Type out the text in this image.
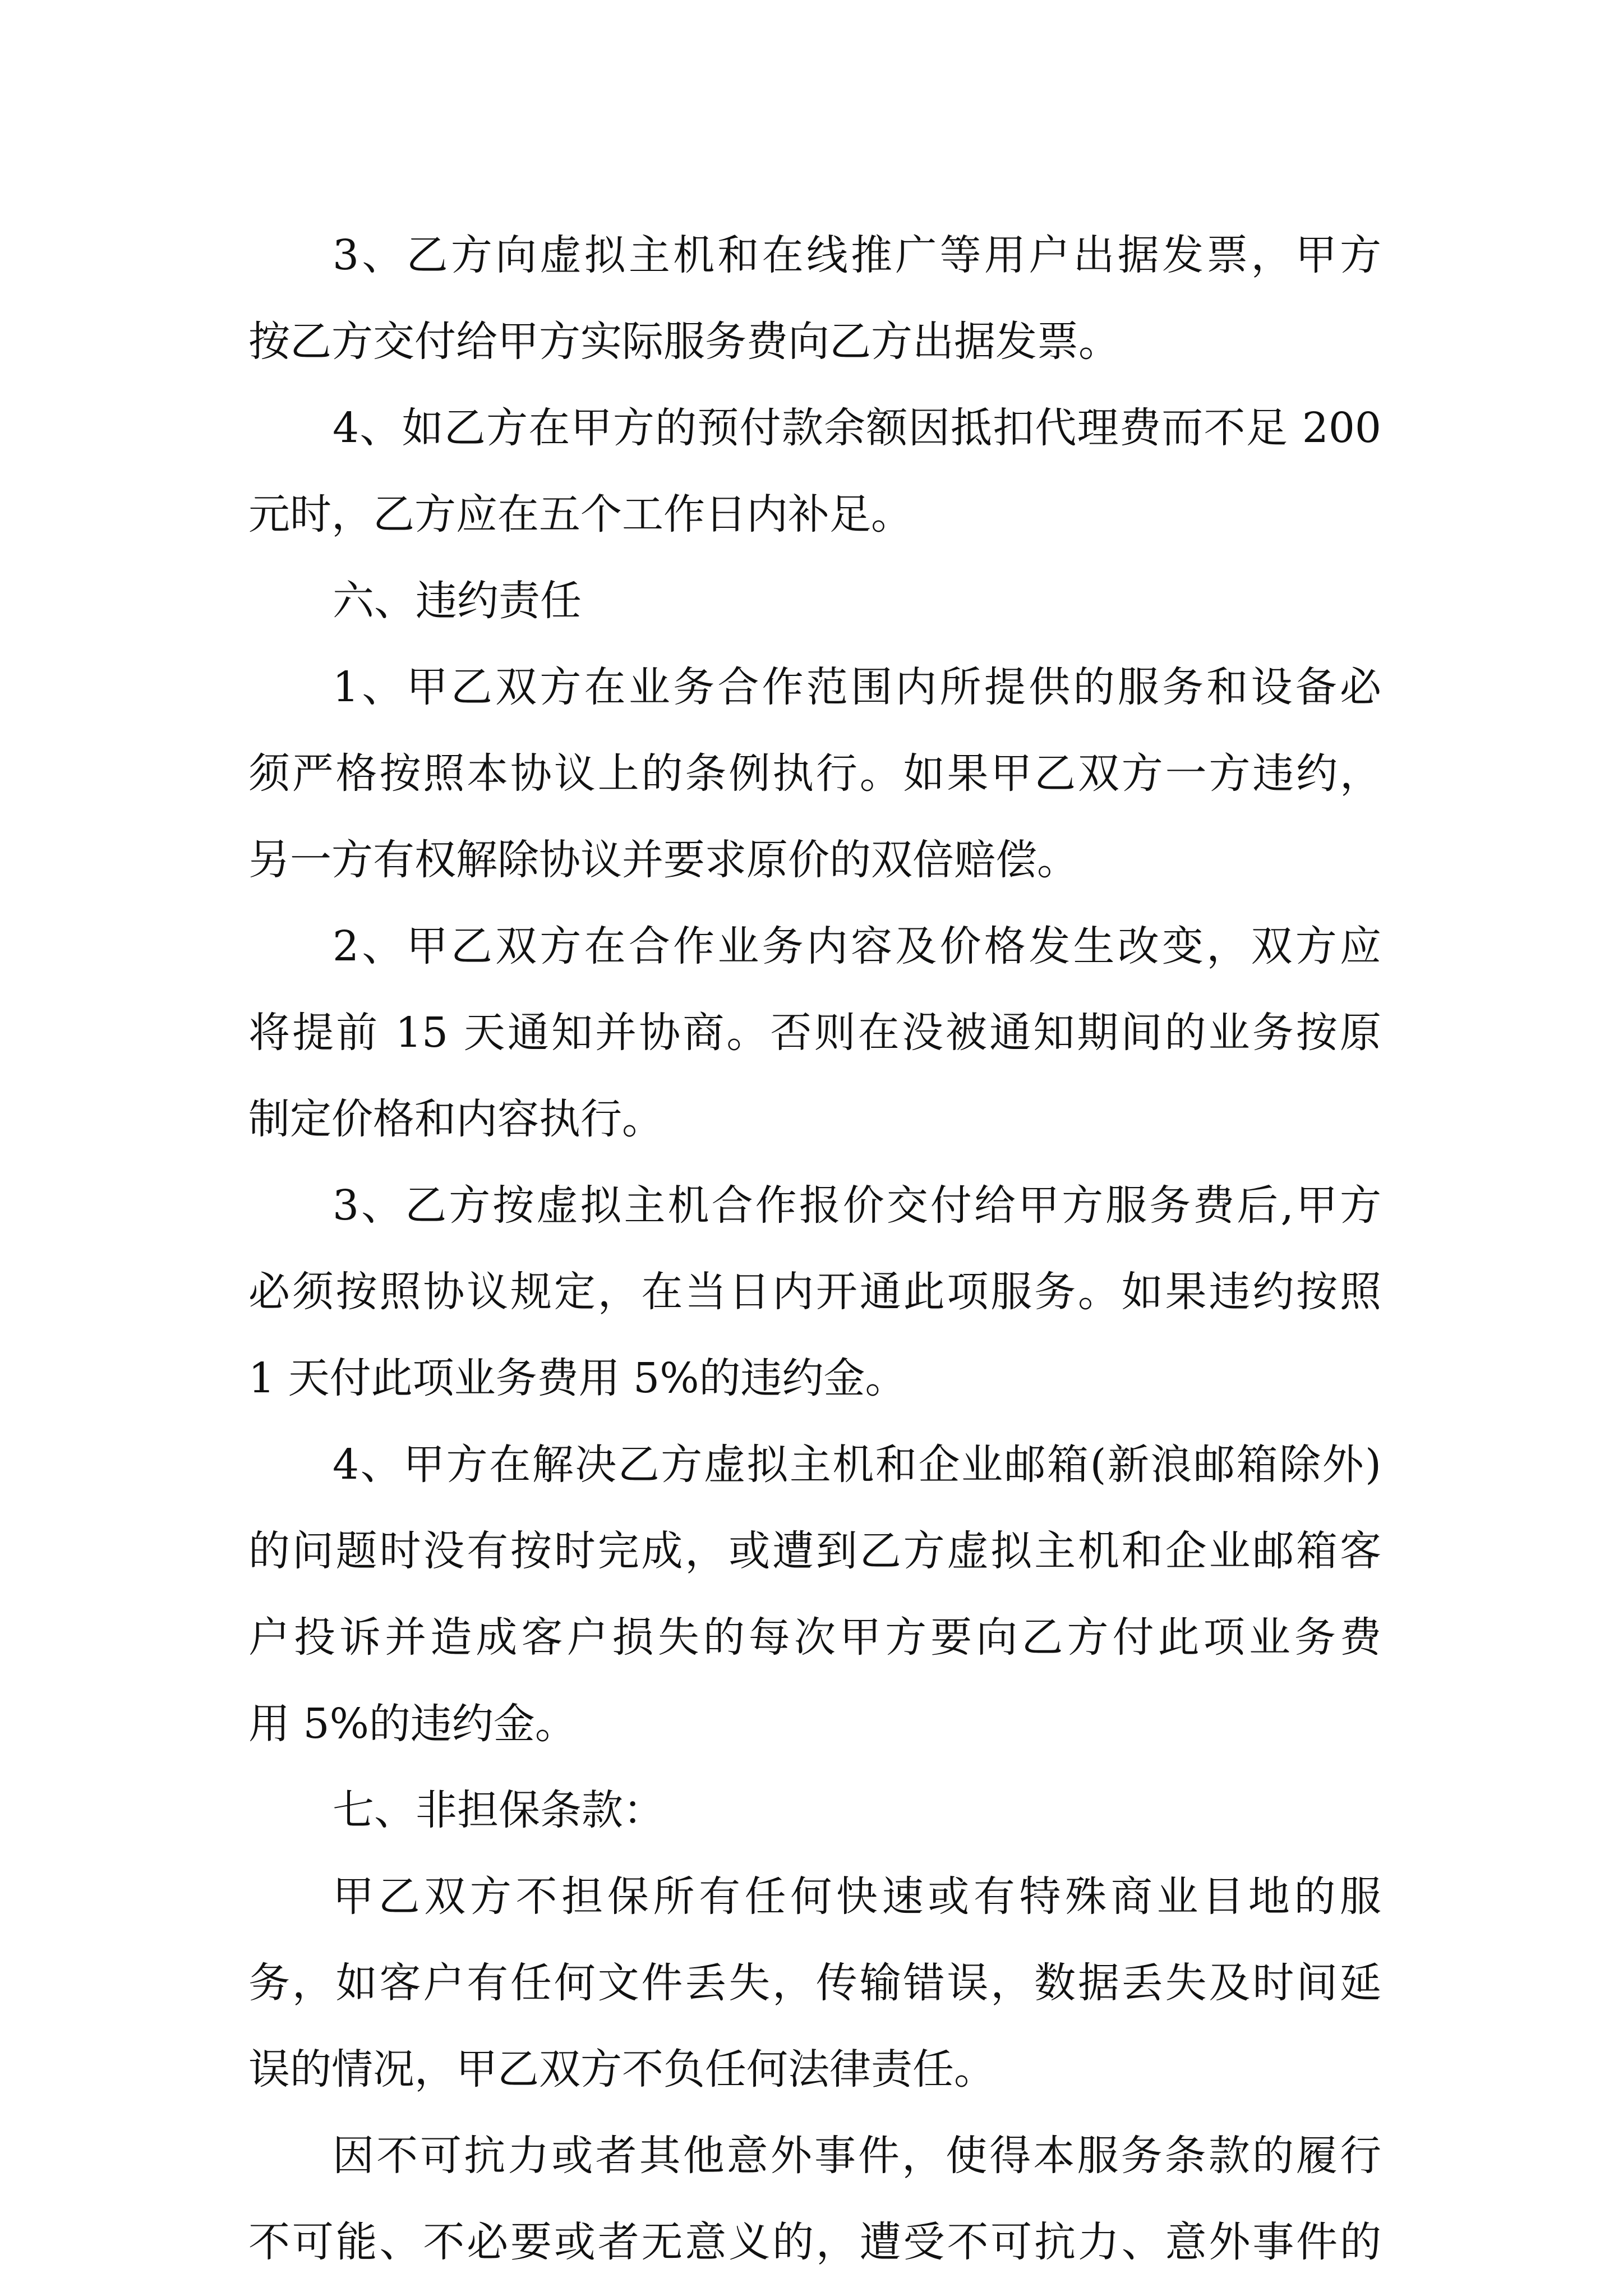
3、乙方向虚拟主机和在线推广等用户出据发票，甲方
按乙方交付给甲方实际服务费向乙方出据发票。
4、如乙方在甲方的预付款余额因抵扣代理费而不足 200
元时，乙方应在五个工作日内补足。
六、违约责任
1、甲乙双方在业务合作范围内所提供的服务和设备必
须严格按照本协议上的条例执行。如果甲乙双方一方违约，
另一方有权解除协议并要求原价的双倍赔偿。
2、甲乙双方在合作业务内容及价格发生改变，双方应
将提前 15 天通知并协商。否则在没被通知期间的业务按原
制定价格和内容执行。
3、乙方按虚拟主机合作报价交付给甲方服务费后,甲方
必须按照协议规定，在当日内开通此项服务。如果违约按照
1 天付此项业务费用 5%的违约金。
4、甲方在解决乙方虚拟主机和企业邮箱(新浪邮箱除外)
的问题时没有按时完成，或遭到乙方虚拟主机和企业邮箱客
户投诉并造成客户损失的每次甲方要向乙方付此项业务费
用 5%的违约金。
七、非担保条款：
甲乙双方不担保所有任何快速或有特殊商业目地的服
务，如客户有任何文件丢失，传输错误，数据丢失及时间延
误的情况，甲乙双方不负任何法律责任。
因不可抗力或者其他意外事件，使得本服务条款的履行
不可能、不必要或者无意义的，遭受不可抗力、意外事件的
